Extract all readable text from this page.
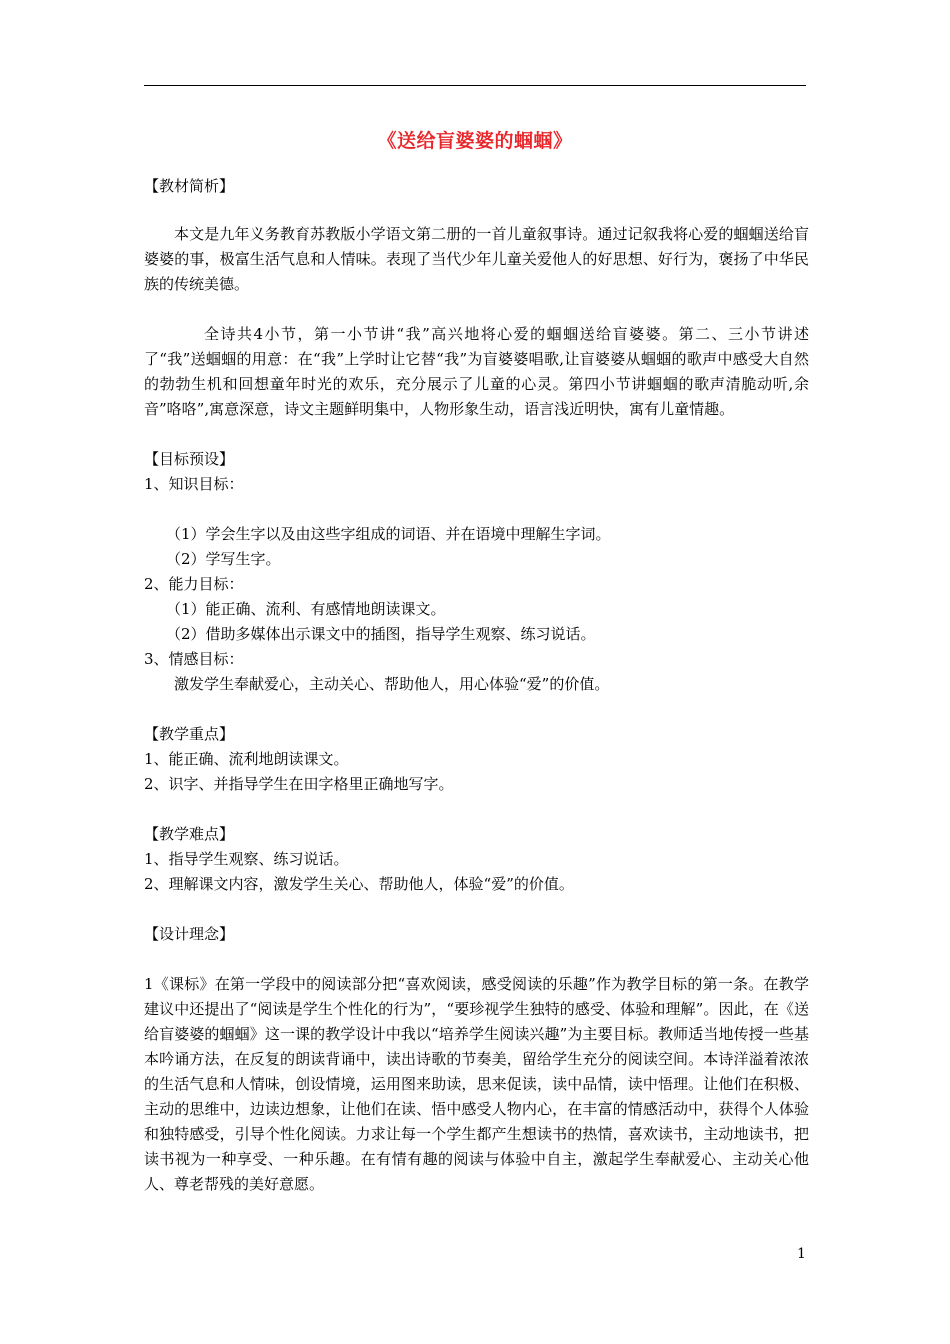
《送给盲婆婆的蝈蝈》

【教材简析】

本文是九年义务教育苏教版小学语文第二册的一首儿童叙事诗。通过记叙我将心爱的蝈蝈送给盲婆婆的事，极富生活气息和人情味。表现了当代少年儿童关爱他人的好思想、好行为，褒扬了中华民族的传统美德。

全诗共4小节，第一小节讲“我”高兴地将心爱的蝈蝈送给盲婆婆。第二、三小节讲述了“我”送蝈蝈的用意：在“我”上学时让它替“我”为盲婆婆唱歌,让盲婆婆从蝈蝈的歌声中感受大自然的勃勃生机和回想童年时光的欢乐，充分展示了儿童的心灵。第四小节讲蝈蝈的歌声清脆动听,余音”咯咯”,寓意深意，诗文主题鲜明集中，人物形象生动，语言浅近明快，寓有儿童情趣。

【目标预设】

1、知识目标：

（1）学会生字以及由这些字组成的词语、并在语境中理解生字词。

（2）学写生字。

2、能力目标：

（1）能正确、流利、有感情地朗读课文。

（2）借助多媒体出示课文中的插图，指导学生观察、练习说话。

3、情感目标：

激发学生奉献爱心，主动关心、帮助他人，用心体验“爱”的价值。

【教学重点】

1、能正确、流利地朗读课文。

2、识字、并指导学生在田字格里正确地写字。

【教学难点】

1、指导学生观察、练习说话。

2、理解课文内容，激发学生关心、帮助他人，体验“爱”的价值。

【设计理念】

1《课标》在第一学段中的阅读部分把“喜欢阅读，感受阅读的乐趣”作为教学目标的第一条。在教学建议中还提出了“阅读是学生个性化的行为”，“要珍视学生独特的感受、体验和理解”。因此，在《送给盲婆婆的蝈蝈》这一课的教学设计中我以“培养学生阅读兴趣”为主要目标。教师适当地传授一些基本吟诵方法，在反复的朗读背诵中，读出诗歌的节奏美，留给学生充分的阅读空间。本诗洋溢着浓浓的生活气息和人情味，创设情境，运用图来助读，思来促读，读中品情，读中悟理。让他们在积极、主动的思维中，边读边想象，让他们在读、悟中感受人物内心，在丰富的情感活动中，获得个人体验和独特感受，引导个性化阅读。力求让每一个学生都产生想读书的热情，喜欢读书，主动地读书，把读书视为一种享受、一种乐趣。在有情有趣的阅读与体验中自主，激起学生奉献爱心、主动关心他人、尊老帮残的美好意愿。

1
